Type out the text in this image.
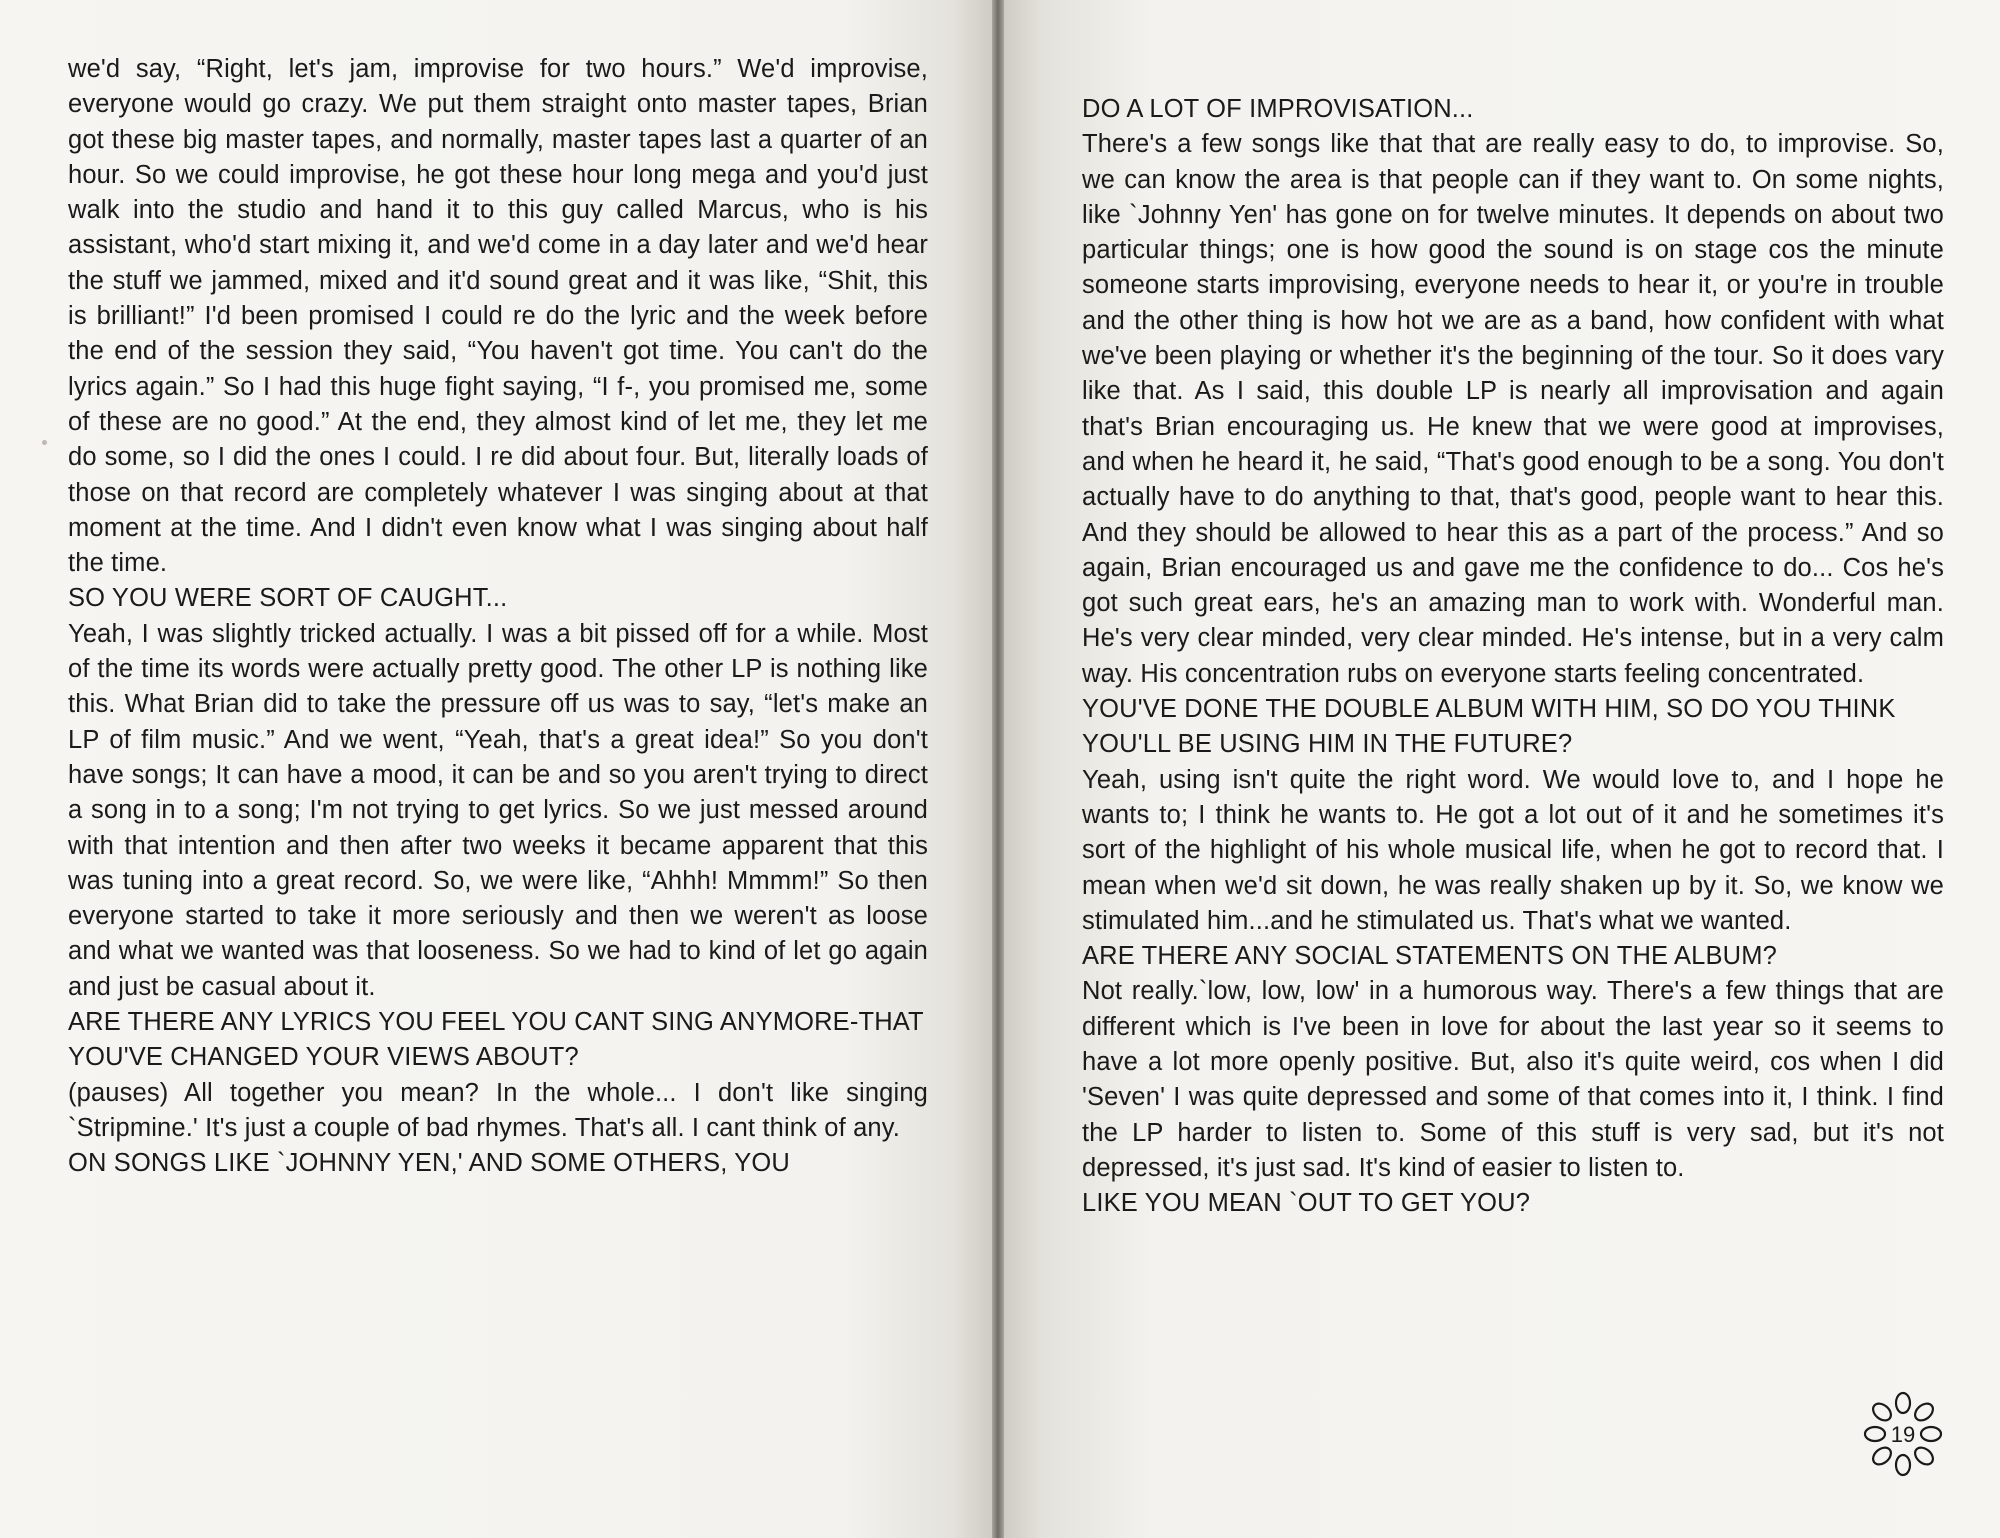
we'd say, “Right, let's jam, improvise for two hours.” We'd improvise, everyone would go crazy. We put them straight onto master tapes, Brian got these big master tapes, and normally, master tapes last a quarter of an hour. So we could improvise, he got these hour long mega and you'd just walk into the studio and hand it to this guy called Marcus, who is his assistant, who'd start mixing it, and we'd come in a day later and we'd hear the stuff we jammed, mixed and it'd sound great and it was like, “Shit, this is brilliant!” I'd been promised I could re do the lyric and the week before the end of the session they said, “You haven't got time. You can't do the lyrics again.” So I had this huge fight saying, “I f-, you promised me, some of these are no good.” At the end, they almost kind of let me, they let me do some, so I did the ones I could. I re did about four. But, literally loads of those on that record are completely whatever I was singing about at that moment at the time. And I didn't even know what I was singing about half the time.

SO YOU WERE SORT OF CAUGHT...

Yeah, I was slightly tricked actually. I was a bit pissed off for a while. Most of the time its words were actually pretty good. The other LP is nothing like this. What Brian did to take the pressure off us was to say, “let's make an LP of film music.” And we went, “Yeah, that's a great idea!” So you don't have songs; It can have a mood, it can be and so you aren't trying to direct a song in to a song; I'm not trying to get lyrics. So we just messed around with that intention and then after two weeks it became apparent that this was tuning into a great record. So, we were like, “Ahhh! Mmmm!” So then everyone started to take it more seriously and then we weren't as loose and what we wanted was that looseness. So we had to kind of let go again and just be casual about it.

ARE THERE ANY LYRICS YOU FEEL YOU CANT SING ANYMORE-THAT YOU'VE CHANGED YOUR VIEWS ABOUT?

(pauses) All together you mean? In the whole... I don't like singing `Stripmine.' It's just a couple of bad rhymes. That's all. I cant think of any.

ON SONGS LIKE `JOHNNY YEN,' AND SOME OTHERS, YOU

DO A LOT OF IMPROVISATION...

There's a few songs like that that are really easy to do, to improvise. So, we can know the area is that people can if they want to. On some nights, like `Johnny Yen' has gone on for twelve minutes. It depends on about two particular things; one is how good the sound is on stage cos the minute someone starts improvising, everyone needs to hear it, or you're in trouble and the other thing is how hot we are as a band, how confident with what we've been playing or whether it's the beginning of the tour. So it does vary like that. As I said, this double LP is nearly all improvisation and again that's Brian encouraging us. He knew that we were good at improvises, and when he heard it, he said, “That's good enough to be a song. You don't actually have to do anything to that, that's good, people want to hear this. And they should be allowed to hear this as a part of the process.” And so again, Brian encouraged us and gave me the confidence to do... Cos he's got such great ears, he's an amazing man to work with. Wonderful man. He's very clear minded, very clear minded. He's intense, but in a very calm way. His concentration rubs on everyone starts feeling concentrated.

YOU'VE DONE THE DOUBLE ALBUM WITH HIM, SO DO YOU THINK YOU'LL BE USING HIM IN THE FUTURE?

Yeah, using isn't quite the right word. We would love to, and I hope he wants to; I think he wants to. He got a lot out of it and he sometimes it's sort of the highlight of his whole musical life, when he got to record that. I mean when we'd sit down, he was really shaken up by it. So, we know we stimulated him...and he stimulated us. That's what we wanted.

ARE THERE ANY SOCIAL STATEMENTS ON THE ALBUM?

Not really.`low, low, low' in a humorous way. There's a few things that are different which is I've been in love for about the last year so it seems to have a lot more openly positive. But, also it's quite weird, cos when I did 'Seven' I was quite depressed and some of that comes into it, I think. I find the LP harder to listen to. Some of this stuff is very sad, but it's not depressed, it's just sad. It's kind of easier to listen to.

LIKE YOU MEAN `OUT TO GET YOU?

19
